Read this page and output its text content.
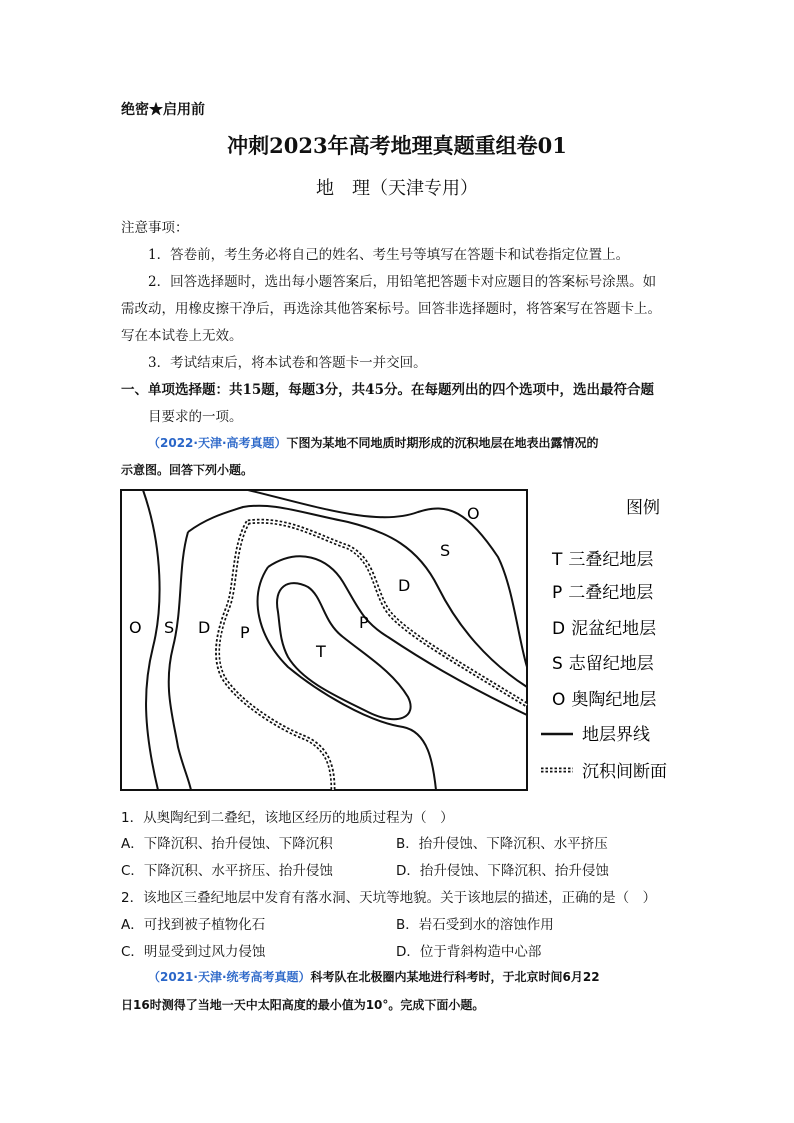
绝密★启用前
冲刺2023年高考地理真题重组卷01
地　理（天津专用）
注意事项：
1．答卷前，考生务必将自己的姓名、考生号等填写在答题卡和试卷指定位置上。
2．回答选择题时，选出每小题答案后，用铅笔把答题卡对应题目的答案标号涂黑。如
需改动，用橡皮擦干净后，再选涂其他答案标号。回答非选择题时，将答案写在答题卡上。
写在本试卷上无效。
3．考试结束后，将本试卷和答题卡一并交回。
一、单项选择题：共15题，每题3分，共45分。在每题列出的四个选项中，选出最符合题
目要求的一项。
（2022·天津·高考真题）下图为某地不同地质时期形成的沉积地层在地表出露情况的
示意图。回答下列小题。
O
S
D
P
T
P
D
S
O
图例
T 三叠纪地层
P 二叠纪地层
D 泥盆纪地层
S 志留纪地层
O 奥陶纪地层
地层界线
沉积间断面
1．从奥陶纪到二叠纪，该地区经历的地质过程为（　）
A．下降沉积、抬升侵蚀、下降沉积	B．抬升侵蚀、下降沉积、水平挤压
C．下降沉积、水平挤压、抬升侵蚀	D．抬升侵蚀、下降沉积、抬升侵蚀
2．该地区三叠纪地层中发育有落水洞、天坑等地貌。关于该地层的描述，正确的是（　）
A．可找到被子植物化石	B．岩石受到水的溶蚀作用
C．明显受到过风力侵蚀	D．位于背斜构造中心部
（2021·天津·统考高考真题）科考队在北极圈内某地进行科考时，于北京时间6月22
日16时测得了当地一天中太阳高度的最小值为10°。完成下面小题。
